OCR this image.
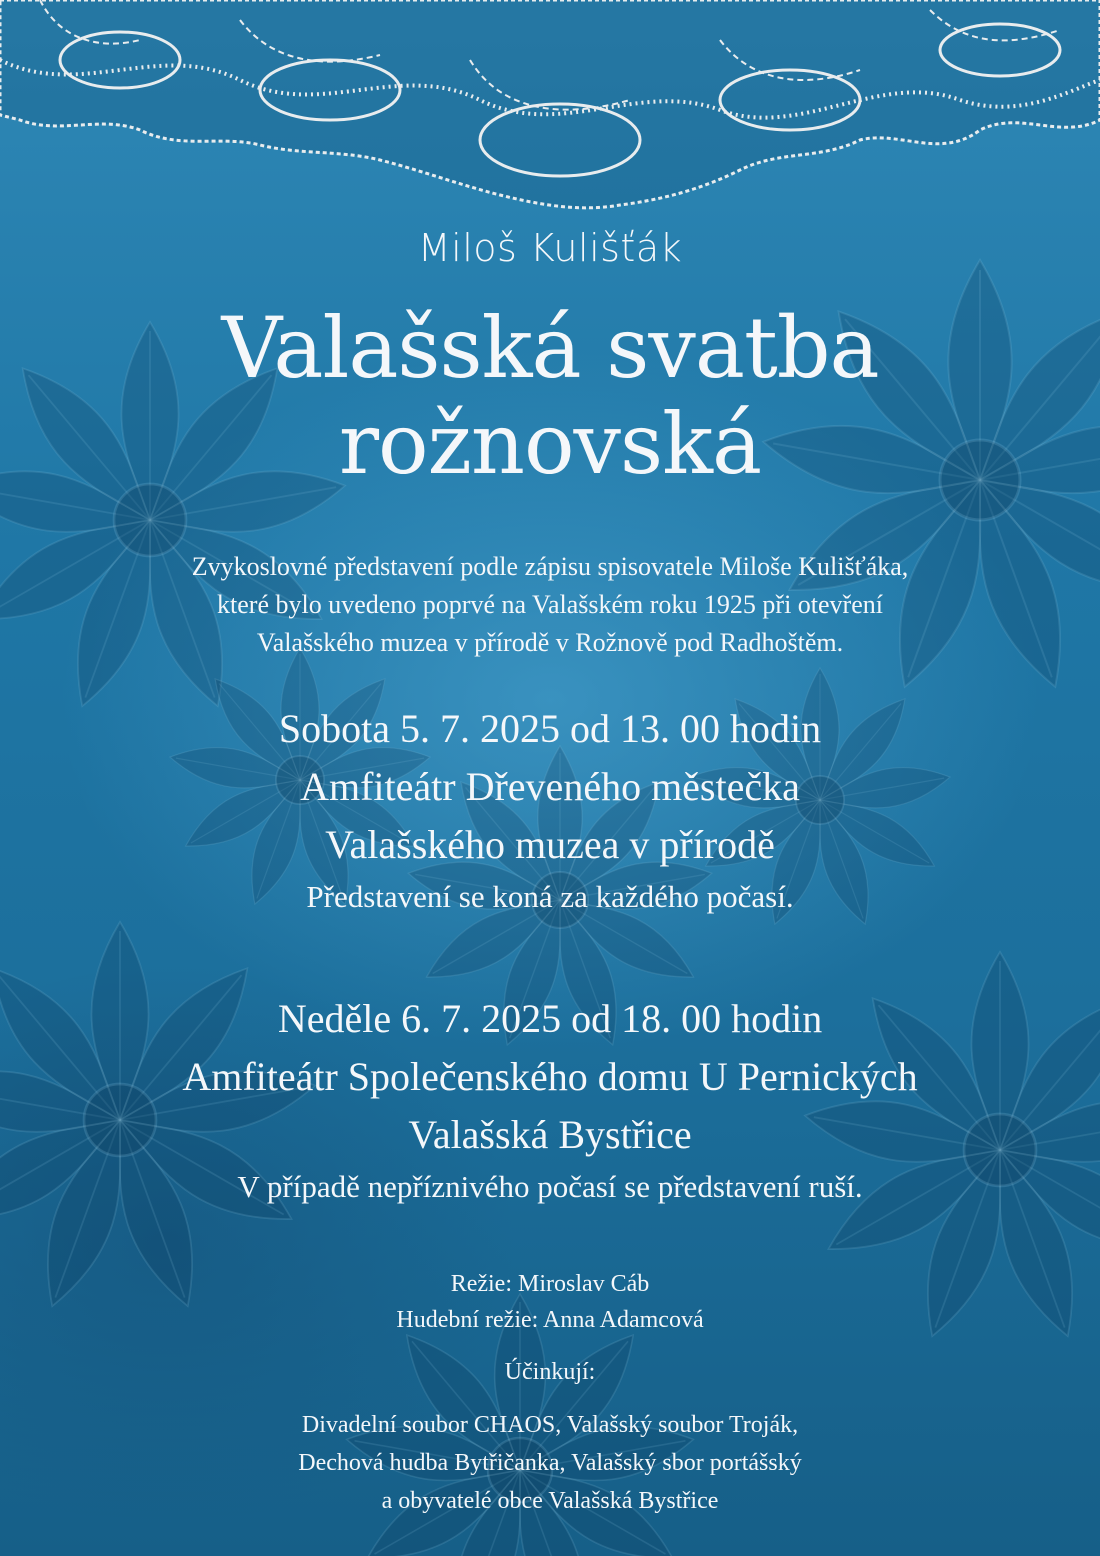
Miloš Kulišťák
Valašská svatba
rožnovská
Zvykoslovné představení podle zápisu spisovatele Miloše Kulišťáka,
které bylo uvedeno poprvé na Valašském roku 1925 při otevření
Valašského muzea v přírodě v Rožnově pod Radhoštěm.
Sobota 5. 7. 2025 od 13. 00 hodin
Amfiteátr Dřeveného městečka
Valašského muzea v přírodě
Představení se koná za každého počasí.
Neděle 6. 7. 2025 od 18. 00 hodin
Amfiteátr Společenského domu U Pernických
Valašská Bystřice
V případě nepříznivého počasí se představení ruší.
Režie: Miroslav Cáb
Hudební režie: Anna Adamcová
Účinkují:
Divadelní soubor CHAOS, Valašský soubor Troják,
Dechová hudba Bytřičanka, Valašský sbor portášský
a obyvatelé obce Valašská Bystřice
